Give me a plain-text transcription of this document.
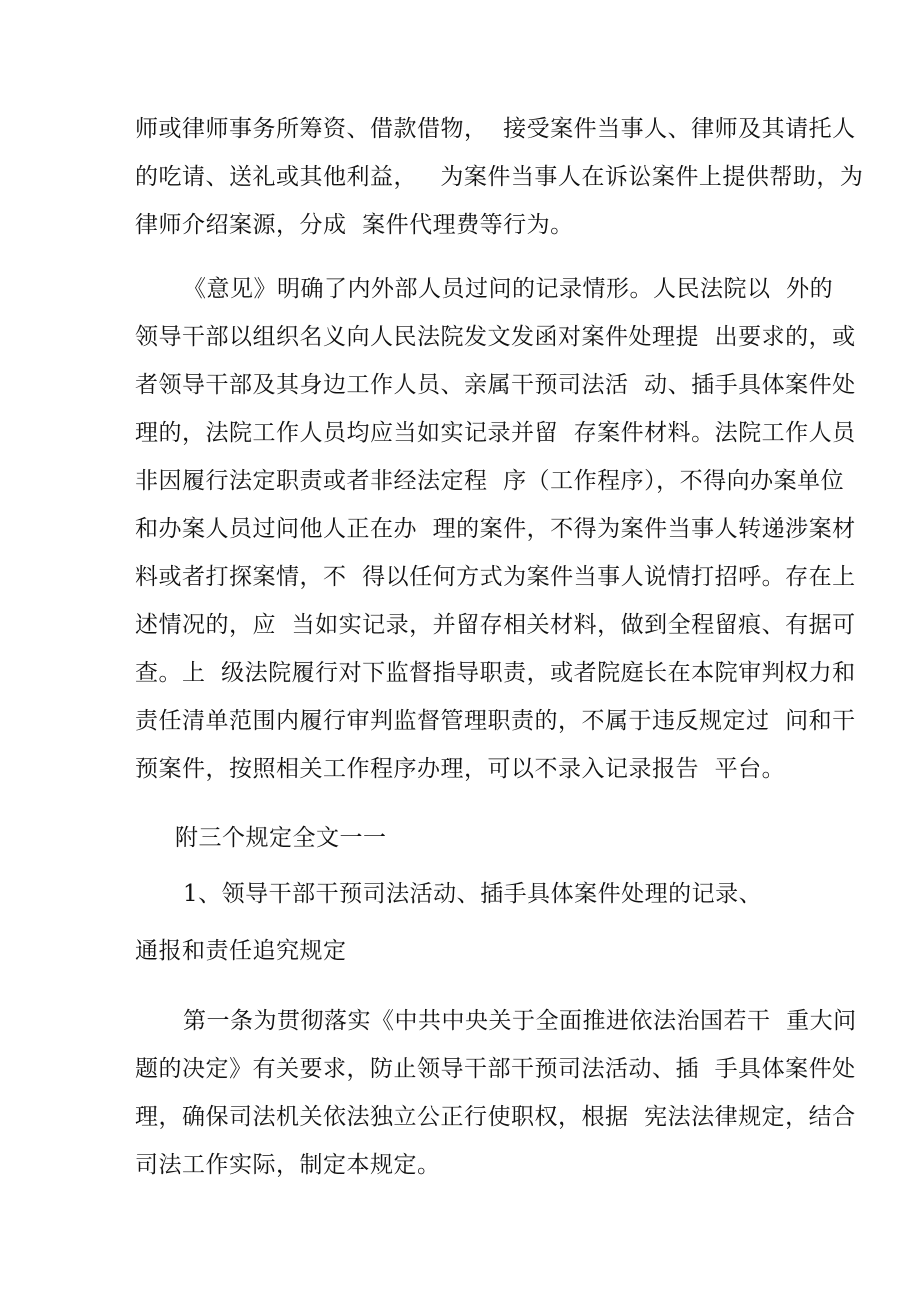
师或律师事务所筹资、借款借物，  接受案件当事人、律师及其请托人
的吃请、送礼或其他利益，   为案件当事人在诉讼案件上提供帮助，为
律师介绍案源，分成  案件代理费等行为。
《意见》明确了内外部人员过问的记录情形。人民法院以  外的
领导干部以组织名义向人民法院发文发函对案件处理提  出要求的，或
者领导干部及其身边工作人员、亲属干预司法活  动、插手具体案件处
理的，法院工作人员均应当如实记录并留  存案件材料。法院工作人员
非因履行法定职责或者非经法定程  序（工作程序），不得向办案单位
和办案人员过问他人正在办  理的案件，不得为案件当事人转递涉案材
料或者打探案情，不  得以任何方式为案件当事人说情打招呼。存在上
述情况的，应  当如实记录，并留存相关材料，做到全程留痕、有据可
查。上  级法院履行对下监督指导职责，或者院庭长在本院审判权力和
责任清单范围内履行审判监督管理职责的，不属于违反规定过  问和干
预案件，按照相关工作程序办理，可以不录入记录报告  平台。
附三个规定全文一一
1、领导干部干预司法活动、插手具体案件处理的记录、
通报和责任追究规定
第一条为贯彻落实《中共中央关于全面推进依法治国若干  重大问
题的决定》有关要求，防止领导干部干预司法活动、插  手具体案件处
理，确保司法机关依法独立公正行使职权，根据  宪法法律规定，结合
司法工作实际，制定本规定。
